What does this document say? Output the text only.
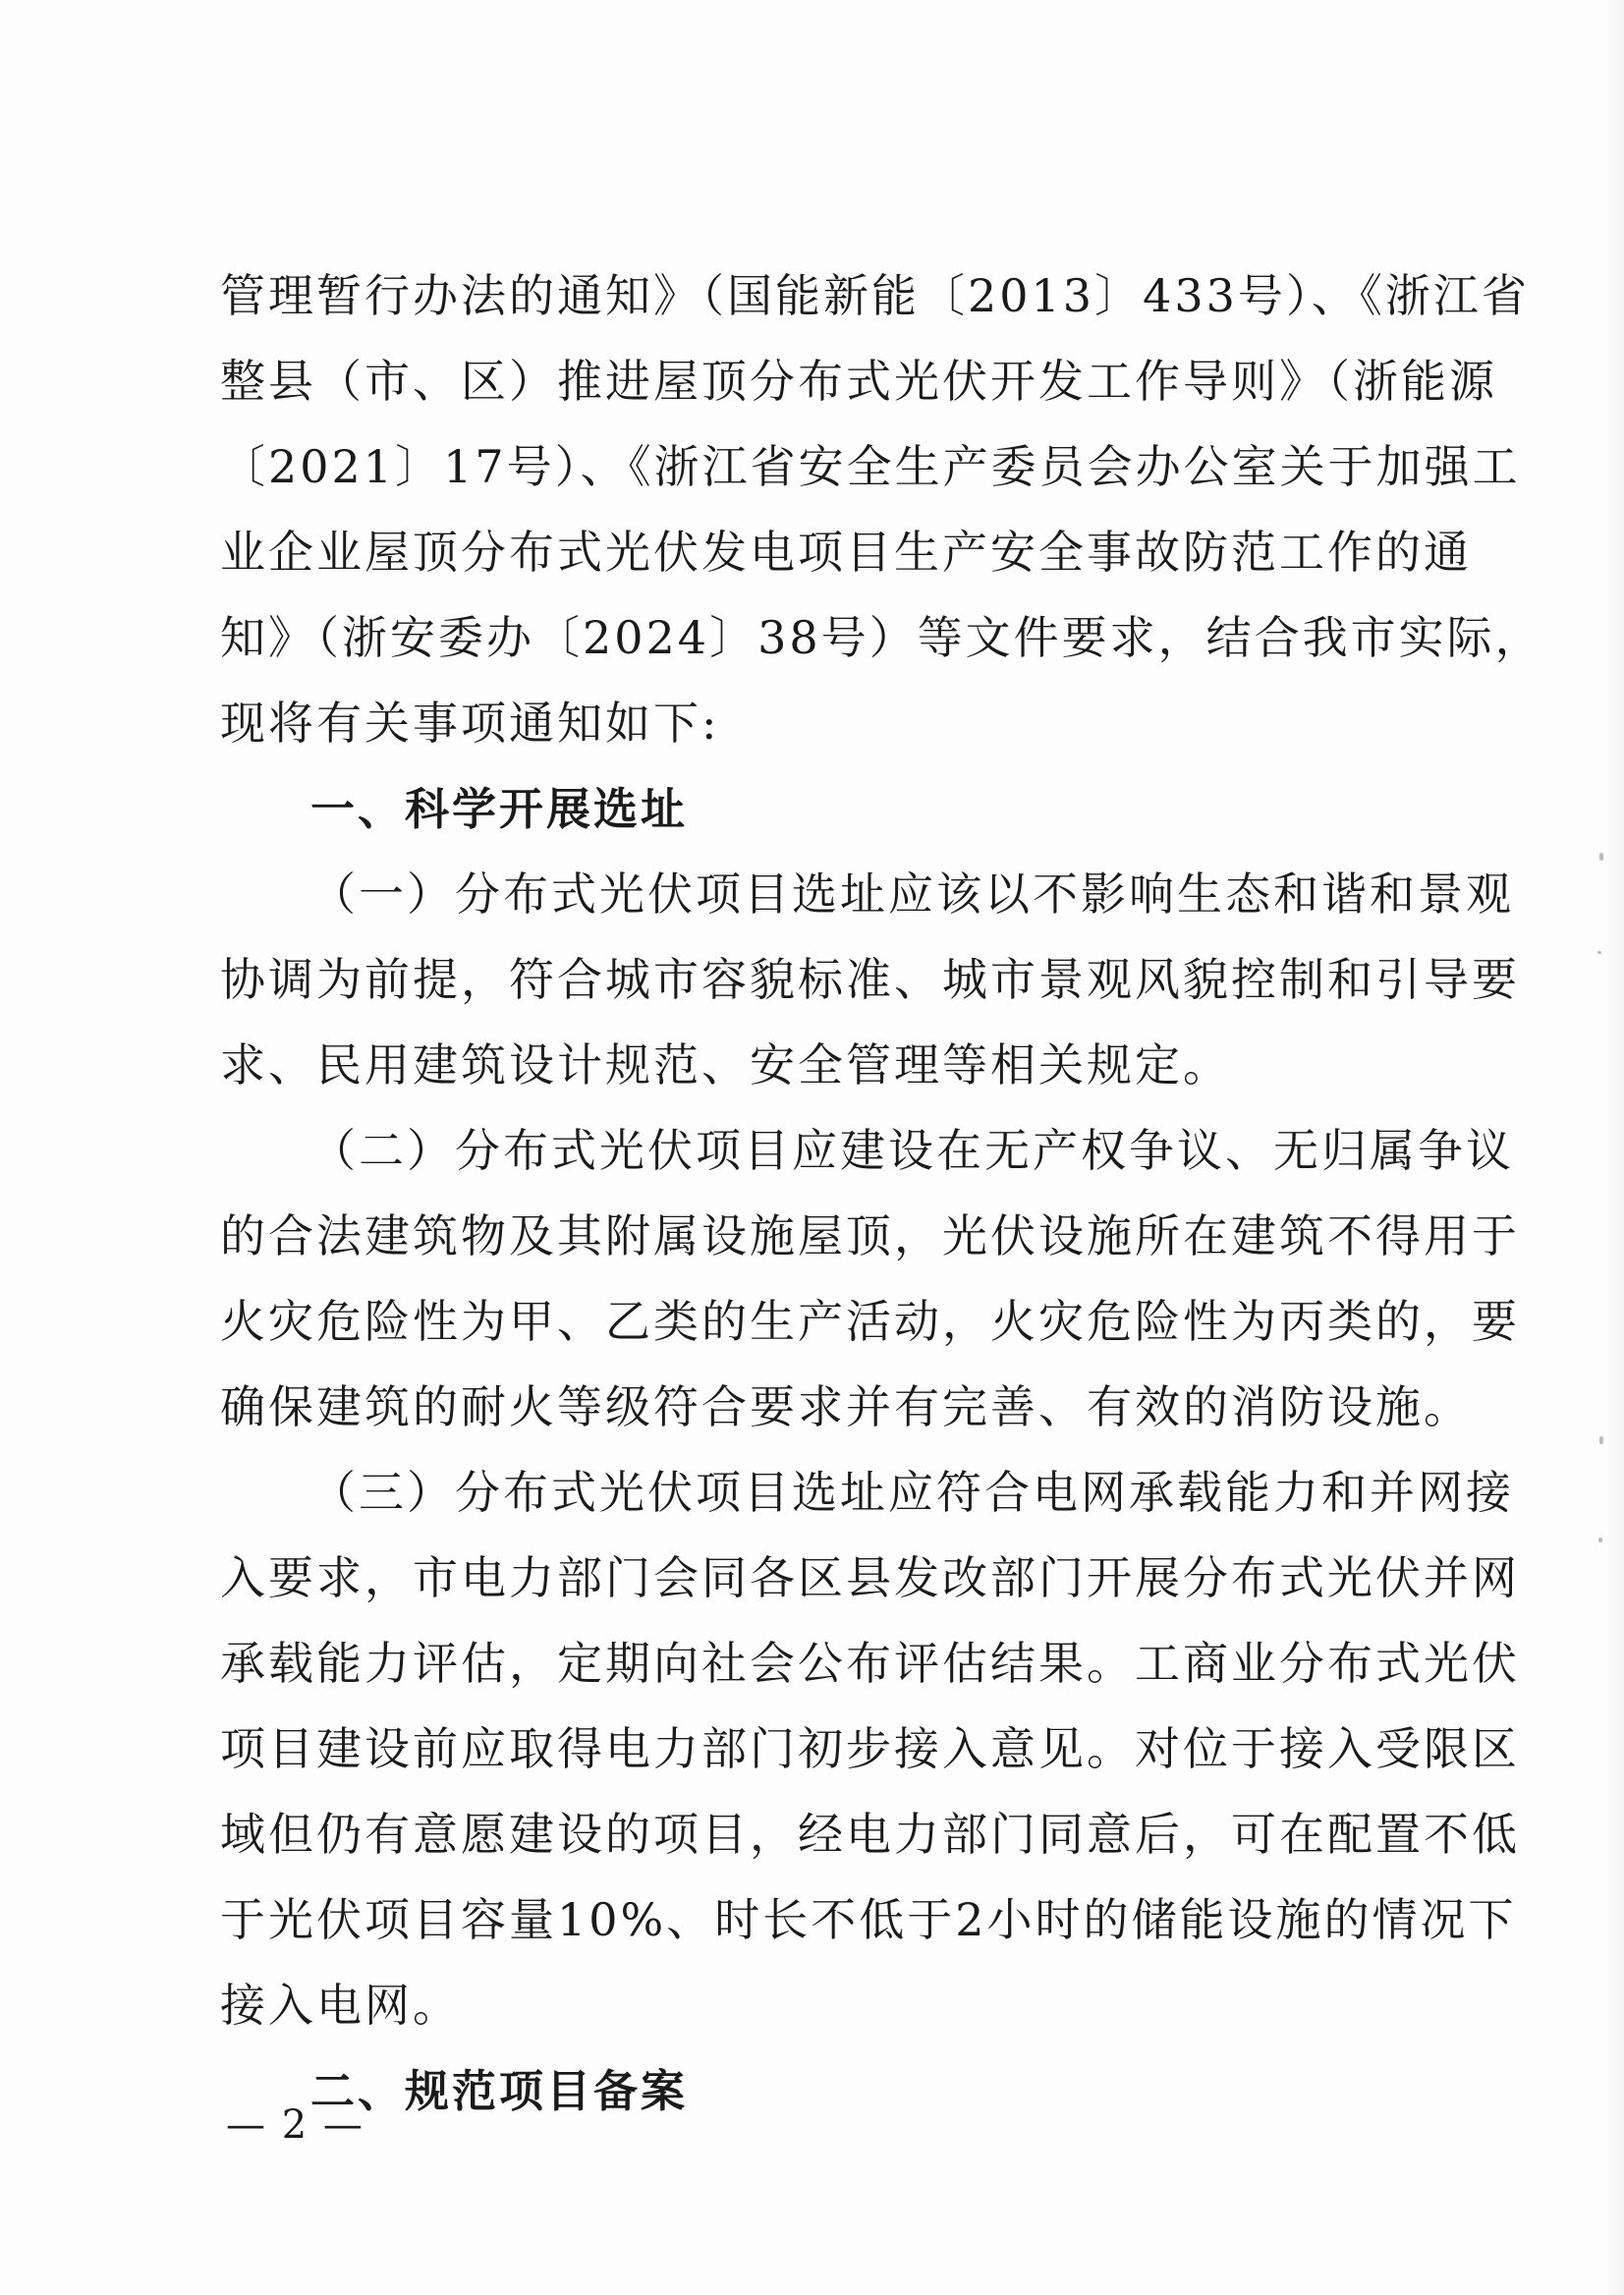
管理暂行办法的通知》（国能新能〔2013〕433号）、《浙江省
整县（市、区）推进屋顶分布式光伏开发工作导则》（浙能源
〔2021〕17号）、《浙江省安全生产委员会办公室关于加强工
业企业屋顶分布式光伏发电项目生产安全事故防范工作的通
知》（浙安委办〔2024〕38号）等文件要求，结合我市实际，
现将有关事项通知如下:
一、科学开展选址
（一）分布式光伏项目选址应该以不影响生态和谐和景观
协调为前提，符合城市容貌标准、城市景观风貌控制和引导要
求、民用建筑设计规范、安全管理等相关规定。
（二）分布式光伏项目应建设在无产权争议、无归属争议
的合法建筑物及其附属设施屋顶，光伏设施所在建筑不得用于
火灾危险性为甲、乙类的生产活动，火灾危险性为丙类的，要
确保建筑的耐火等级符合要求并有完善、有效的消防设施。
（三）分布式光伏项目选址应符合电网承载能力和并网接
入要求，市电力部门会同各区县发改部门开展分布式光伏并网
承载能力评估，定期向社会公布评估结果。工商业分布式光伏
项目建设前应取得电力部门初步接入意见。对位于接入受限区
域但仍有意愿建设的项目，经电力部门同意后，可在配置不低
于光伏项目容量10%、时长不低于2小时的储能设施的情况下
接入电网。
二、规范项目备案
— 2 —
